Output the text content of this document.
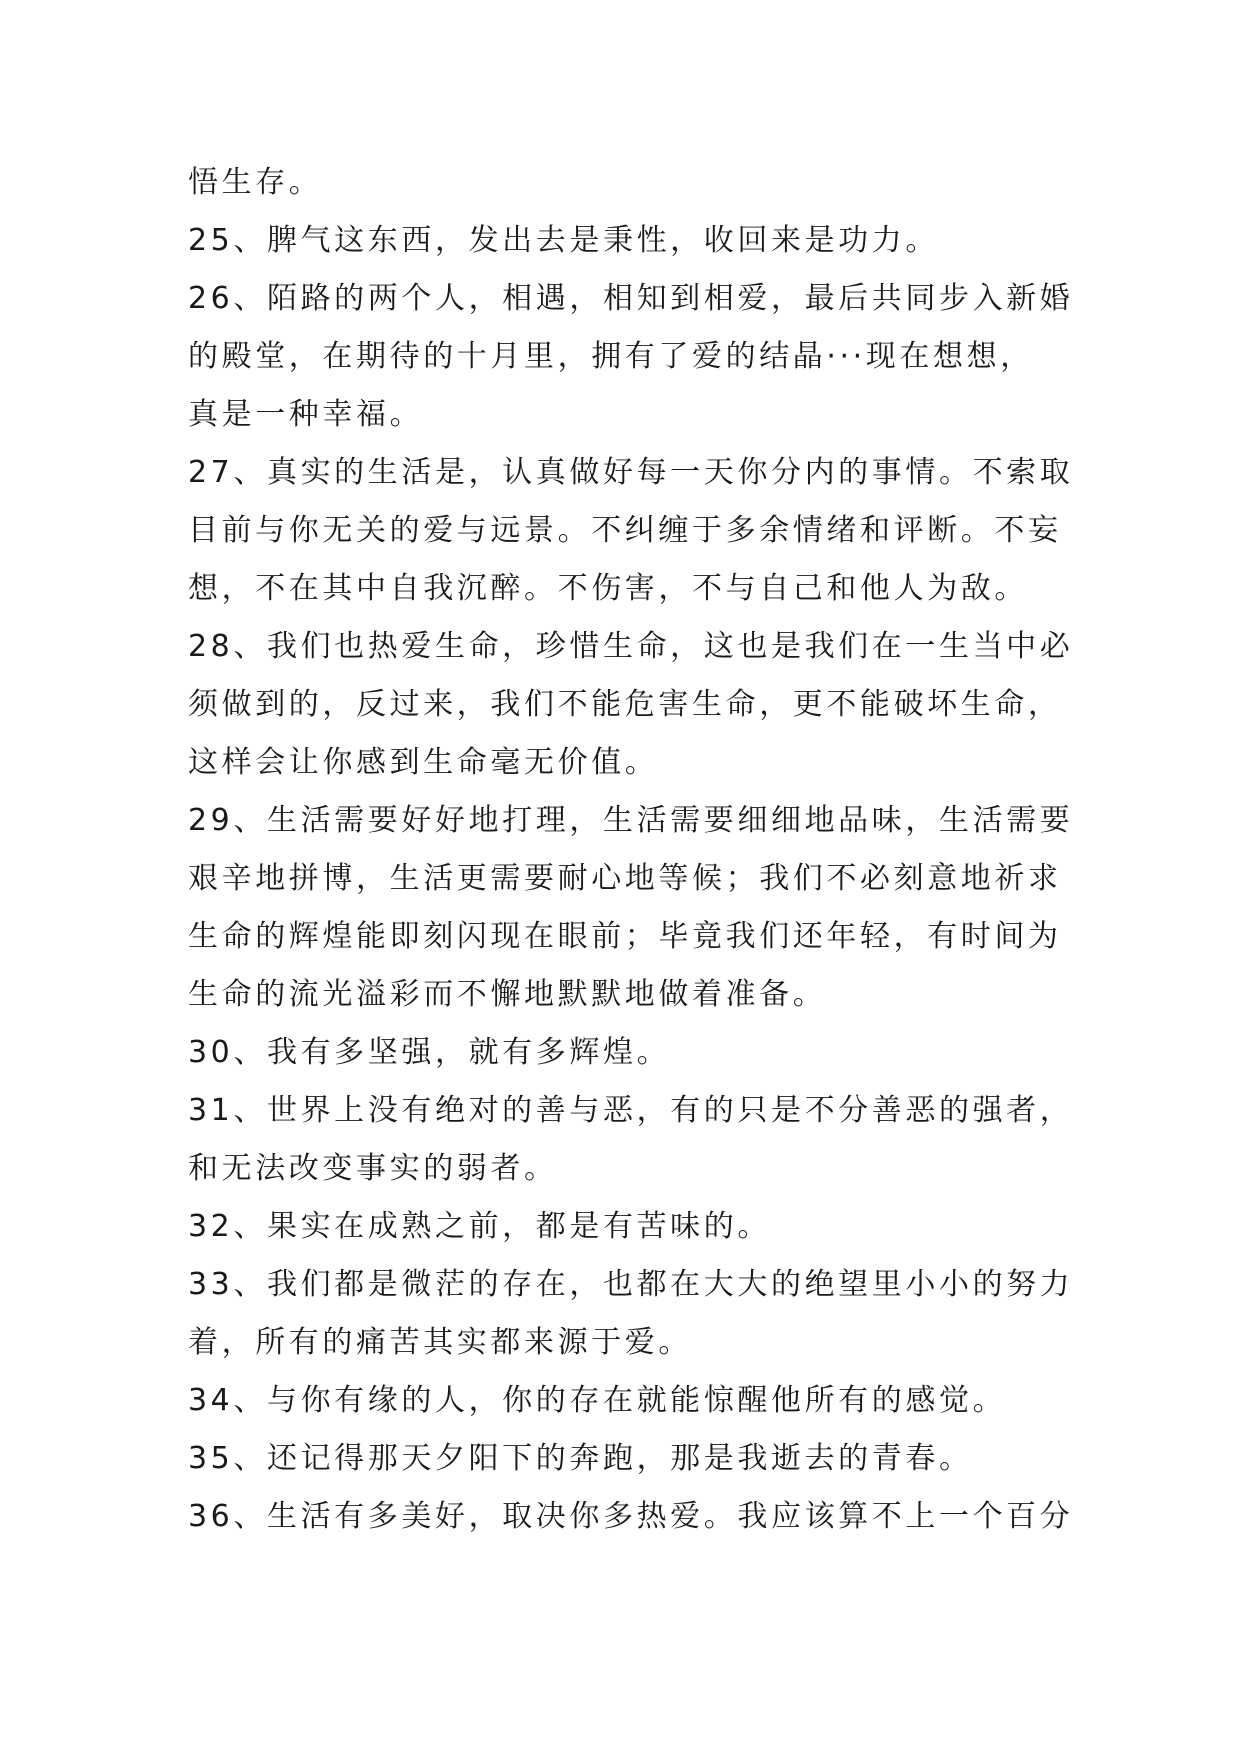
悟生存。
25、脾气这东西，发出去是秉性，收回来是功力。
26、陌路的两个人，相遇，相知到相爱，最后共同步入新婚
的殿堂，在期待的十月里，拥有了爱的结晶···现在想想，
真是一种幸福。
27、真实的生活是，认真做好每一天你分内的事情。不索取
目前与你无关的爱与远景。不纠缠于多余情绪和评断。不妄
想，不在其中自我沉醉。不伤害，不与自己和他人为敌。
28、我们也热爱生命，珍惜生命，这也是我们在一生当中必
须做到的，反过来，我们不能危害生命，更不能破坏生命，
这样会让你感到生命毫无价值。
29、生活需要好好地打理，生活需要细细地品味，生活需要
艰辛地拼博，生活更需要耐心地等候；我们不必刻意地祈求
生命的辉煌能即刻闪现在眼前；毕竟我们还年轻，有时间为
生命的流光溢彩而不懈地默默地做着准备。
30、我有多坚强，就有多辉煌。
31、世界上没有绝对的善与恶，有的只是不分善恶的强者，
和无法改变事实的弱者。
32、果实在成熟之前，都是有苦味的。
33、我们都是微茫的存在，也都在大大的绝望里小小的努力
着，所有的痛苦其实都来源于爱。
34、与你有缘的人，你的存在就能惊醒他所有的感觉。
35、还记得那天夕阳下的奔跑，那是我逝去的青春。
36、生活有多美好，取决你多热爱。我应该算不上一个百分
